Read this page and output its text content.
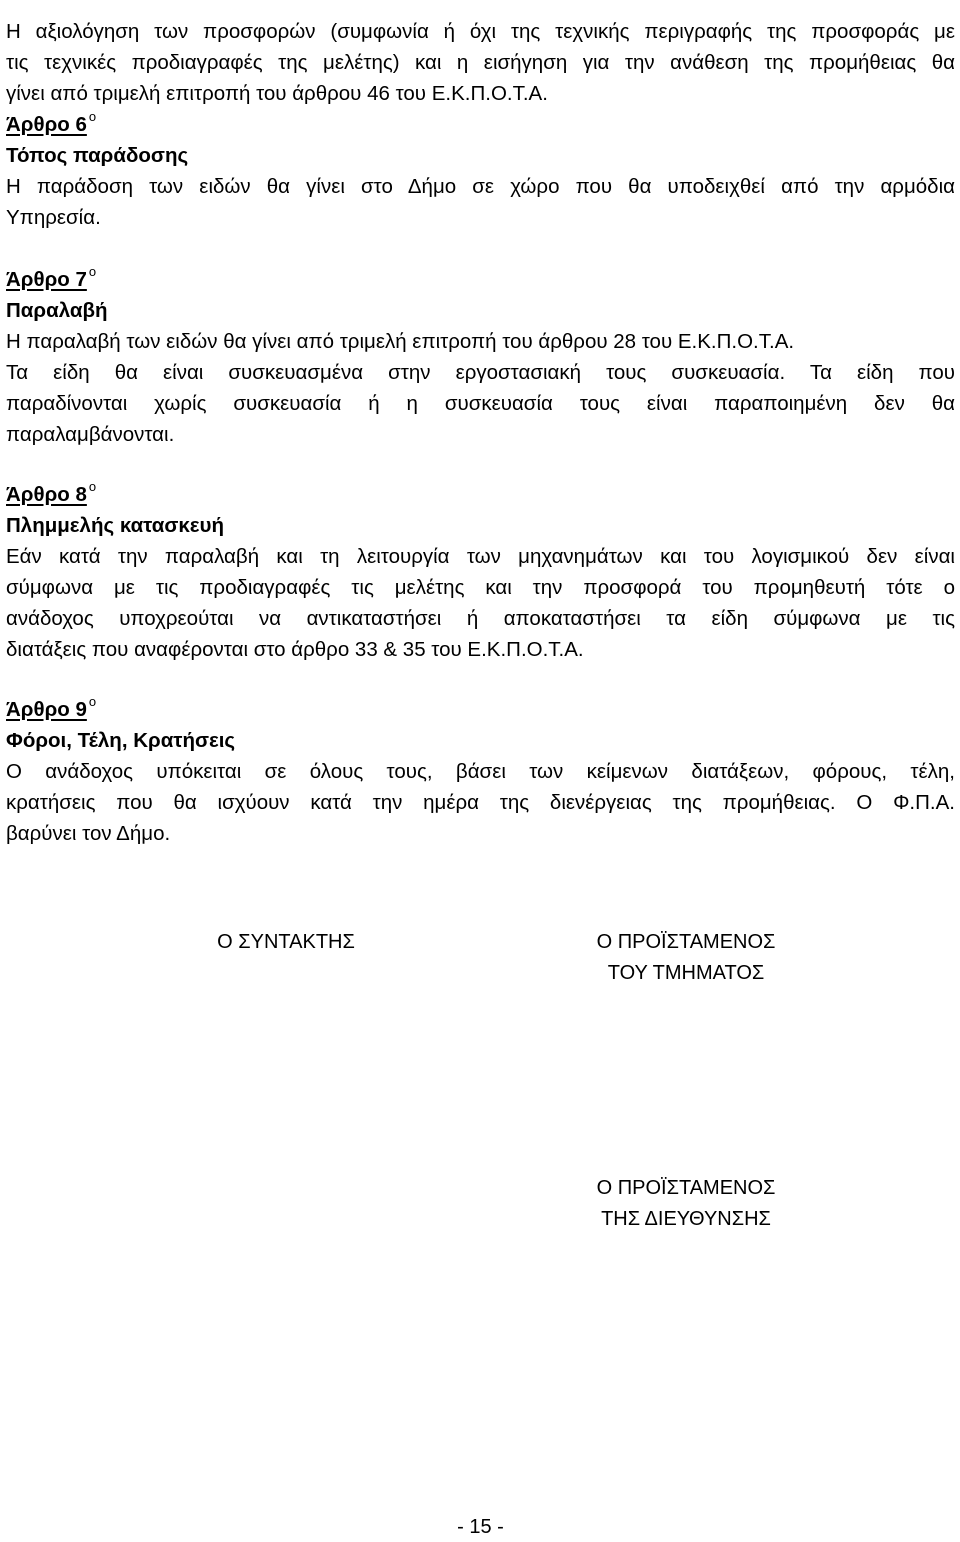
Η αξιολόγηση των προσφορών (συμφωνία ή όχι της τεχνικής περιγραφής της προσφοράς με
τις τεχνικές προδιαγραφές της μελέτης) και η εισήγηση για την ανάθεση της προμήθειας θα
γίνει από τριμελή επιτροπή του άρθρου 46 του Ε.Κ.Π.Ο.Τ.Α.
Άρθρο 6 $^o$
Τόπος παράδοσης
Η παράδοση των ειδών θα γίνει στο Δήμο σε χώρο που θα υποδειχθεί από την αρμόδια
Υπηρεσία.
Άρθρο 7 $^o$
Παραλαβή
Η παραλαβή των ειδών θα γίνει από τριμελή επιτροπή του άρθρου 28 του Ε.Κ.Π.Ο.Τ.Α.
Τα είδη θα είναι συσκευασμένα στην εργοστασιακή τους συσκευασία. Τα είδη που
παραδίνονται χωρίς συσκευασία ή η συσκευασία τους είναι παραποιημένη δεν θα
παραλαμβάνονται.
Άρθρο 8 $^o$
Πλημμελής κατασκευή
Εάν κατά την παραλαβή και τη λειτουργία των μηχανημάτων και του λογισμικού δεν είναι
σύμφωνα με τις προδιαγραφές τις μελέτης και την προσφορά του προμηθευτή τότε ο
ανάδοχος υποχρεούται να αντικαταστήσει ή αποκαταστήσει τα είδη σύμφωνα με τις
διατάξεις που αναφέρονται στο άρθρο 33 & 35 του Ε.Κ.Π.Ο.Τ.Α.
Άρθρο 9 $^o$
Φόροι, Τέλη, Κρατήσεις
Ο ανάδοχος υπόκειται σε όλους τους, βάσει των κείμενων διατάξεων, φόρους, τέλη,
κρατήσεις που θα ισχύουν κατά την ημέρα της διενέργειας της προμήθειας. Ο Φ.Π.Α.
βαρύνει τον Δήμο.
Ο ΣΥΝΤΑΚΤΗΣ	Ο ΠΡΟΪΣΤΑΜΕΝΟΣ
ΤΟΥ ΤΜΗΜΑΤΟΣ
Ο ΠΡΟΪΣΤΑΜΕΝΟΣ
ΤΗΣ ΔΙΕΥΘΥΝΣΗΣ
- 15 -
